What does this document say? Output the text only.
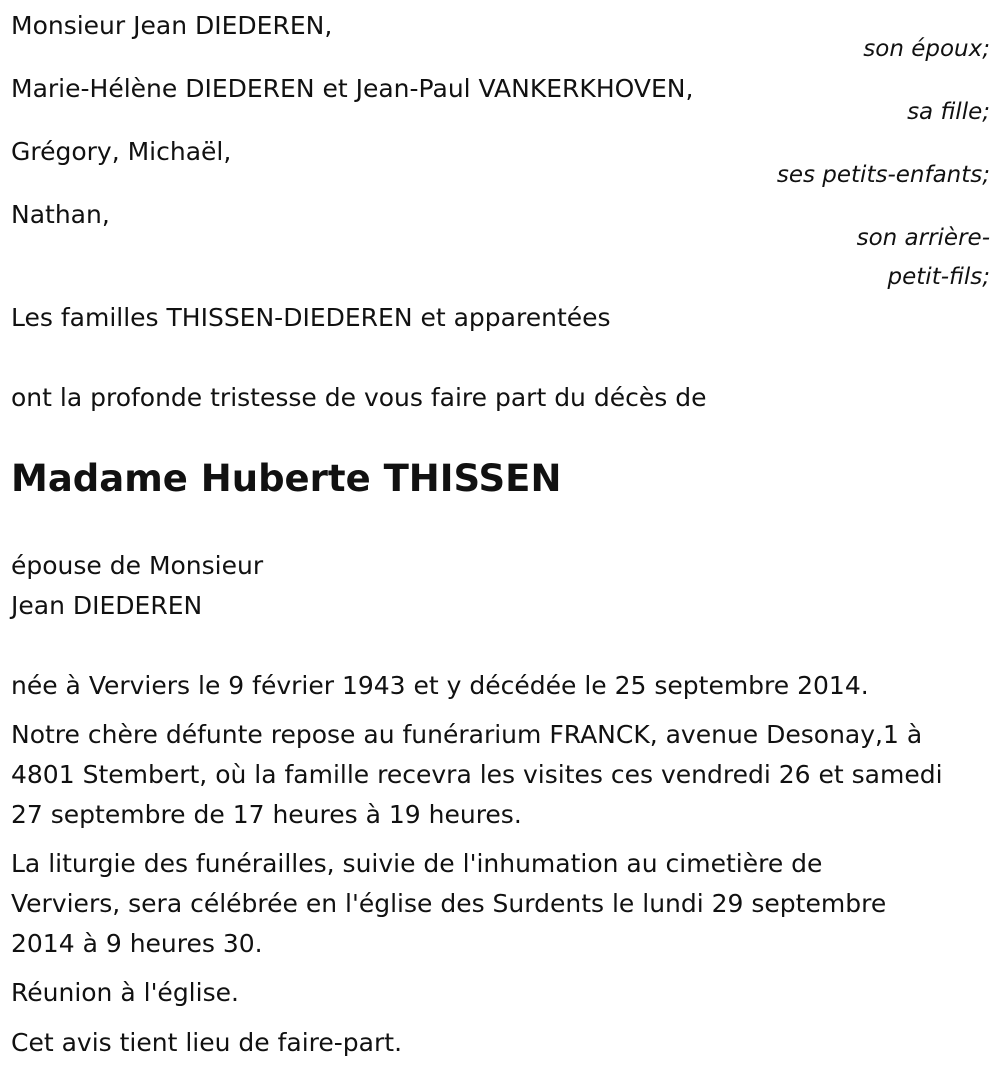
Monsieur Jean DIEDEREN,
son époux;
Marie-Hélène DIEDEREN et Jean-Paul VANKERKHOVEN,
sa fille;
Grégory, Michaël,
ses petits-enfants;
Nathan,
son arrière-
petit-fils;
Les familles THISSEN-DIEDEREN et apparentées
ont la profonde tristesse de vous faire part du décès de
Madame Huberte THISSEN
épouse de Monsieur
Jean DIEDEREN
née à Verviers le 9 février 1943 et y décédée le 25 septembre 2014.
Notre chère défunte repose au funérarium FRANCK, avenue Desonay,1 à
4801 Stembert, où la famille recevra les visites ces vendredi 26 et samedi
27 septembre de 17 heures à 19 heures.
La liturgie des funérailles, suivie de l'inhumation au cimetière de
Verviers, sera célébrée en l'église des Surdents le lundi 29 septembre
2014 à 9 heures 30.
Réunion à l'église.
Cet avis tient lieu de faire-part.
